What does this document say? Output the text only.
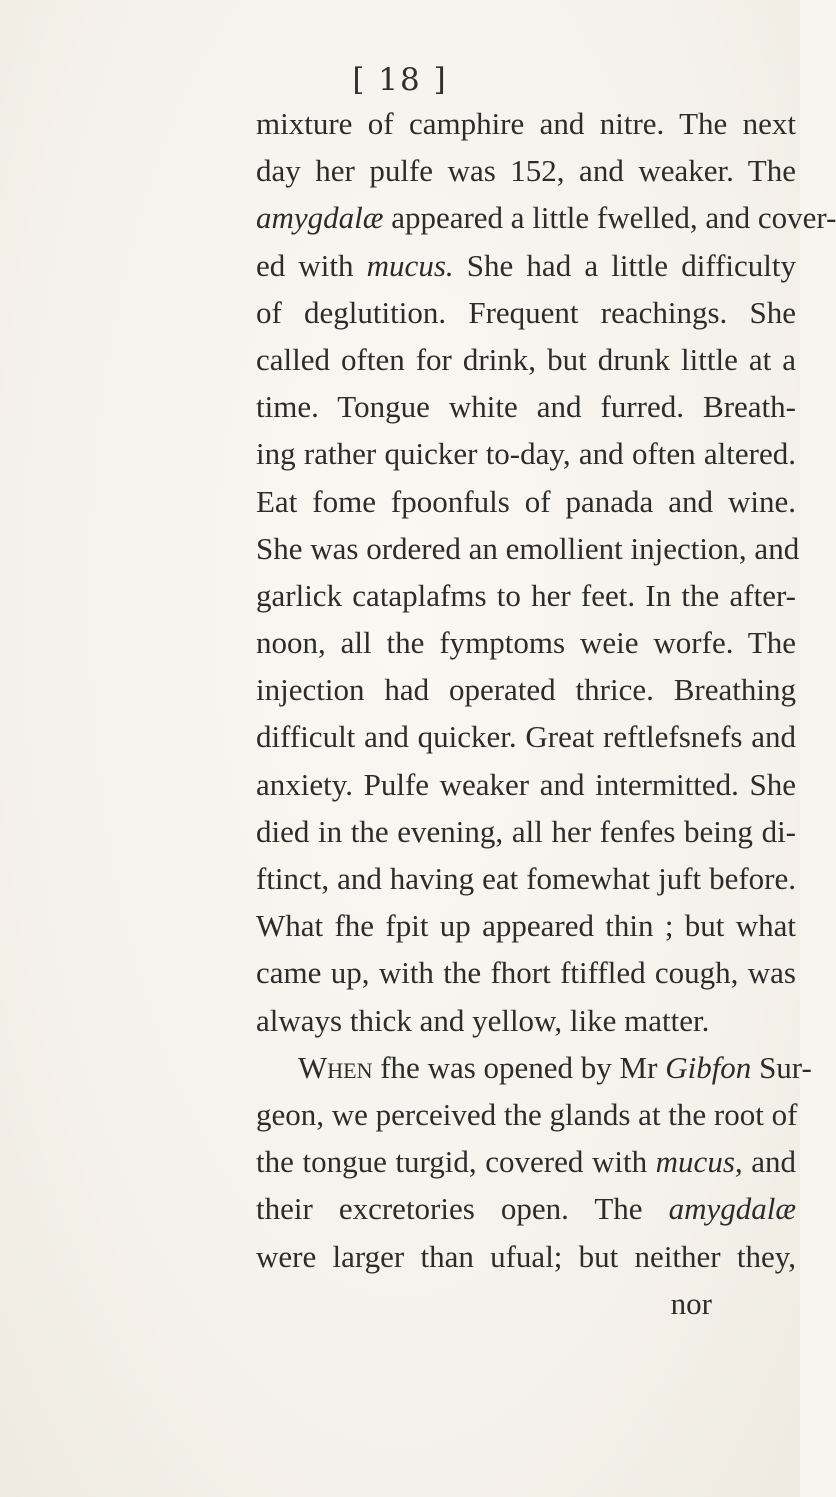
[ 18 ]
mixture of camphire and nitre. The next
day her pulfe was 152, and weaker. The
amygdalæ appeared a little fwelled, and cover-
ed with mucus. She had a little difficulty
of deglutition. Frequent reachings. She
called often for drink, but drunk little at a
time. Tongue white and furred. Breath-
ing rather quicker to-day, and often altered.
Eat fome fpoonfuls of panada and wine.
She was ordered an emollient injection, and
garlick cataplafms to her feet. In the after-
noon, all the fymptoms weie worfe. The
injection had operated thrice. Breathing
difficult and quicker. Great reftlefsnefs and
anxiety. Pulfe weaker and intermitted. She
died in the evening, all her fenfes being di-
ftinct, and having eat fomewhat juft before.
What fhe fpit up appeared thin ; but what
came up, with the fhort ftiffled cough, was
always thick and yellow, like matter.
When fhe was opened by Mr Gibfon Sur-
geon, we perceived the glands at the root of
the tongue turgid, covered with mucus, and
their excretories open. The amygdalæ
were larger than ufual; but neither they,
nor
